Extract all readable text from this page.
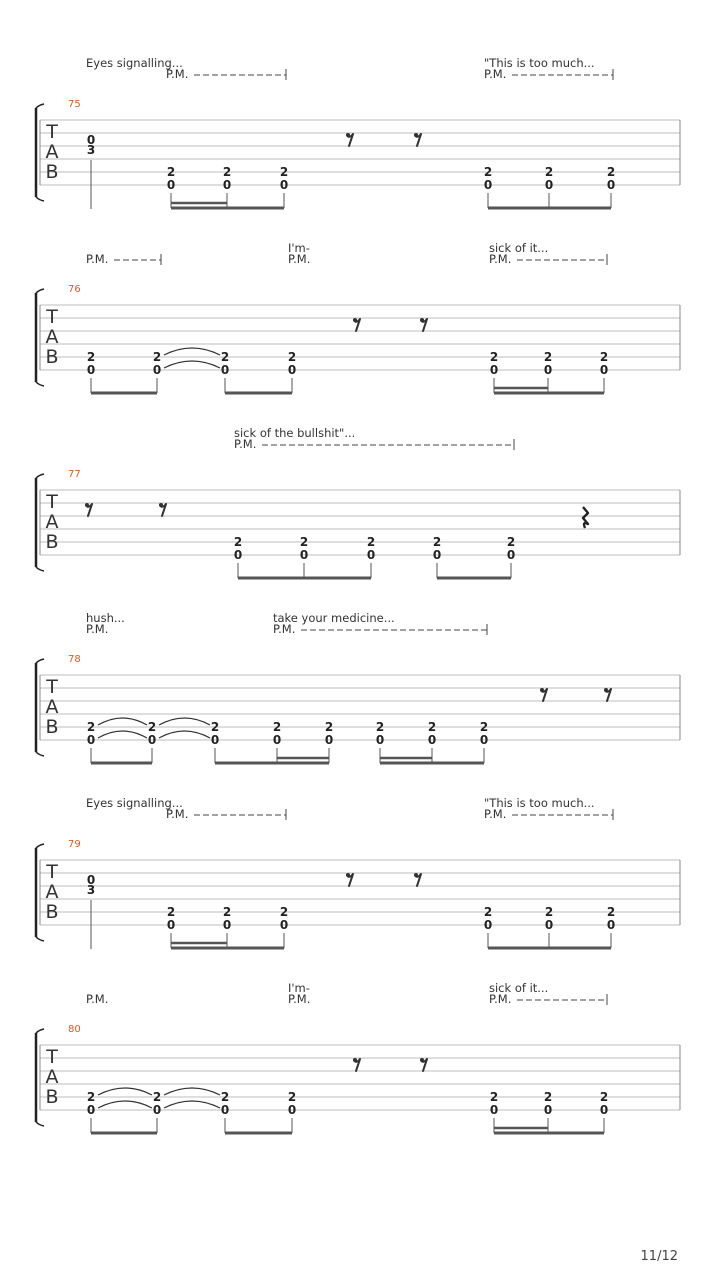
T
A
B
75
Eyes signalling...	"This is too much...
P.M.	P.M.
0
3
2
0
2
0
2
0
2
0
2
0
2
0
T
A
B
76
I'm-	sick of it...
P.M.	P.M.	P.M.
2
0
2
0
2
0
2
0
2
0
2
0
2
0
T
A
B
77
sick of the bullshit"...
P.M.
2
0
2
0
2
0
2
0
2
0
T
A
B
78
hush...	take your medicine...
P.M.	P.M.
2
0
2
0
2
0
2
0
2
0
2
0
2
0
2
0
T
A
B
79
Eyes signalling...	"This is too much...
P.M.	P.M.
0
3
2
0
2
0
2
0
2
0
2
0
2
0
T
A
B
80
I'm-	sick of it...
P.M.	P.M.	P.M.
2
0
2
0
2
0
2
0
2
0
2
0
2
0
11/12
